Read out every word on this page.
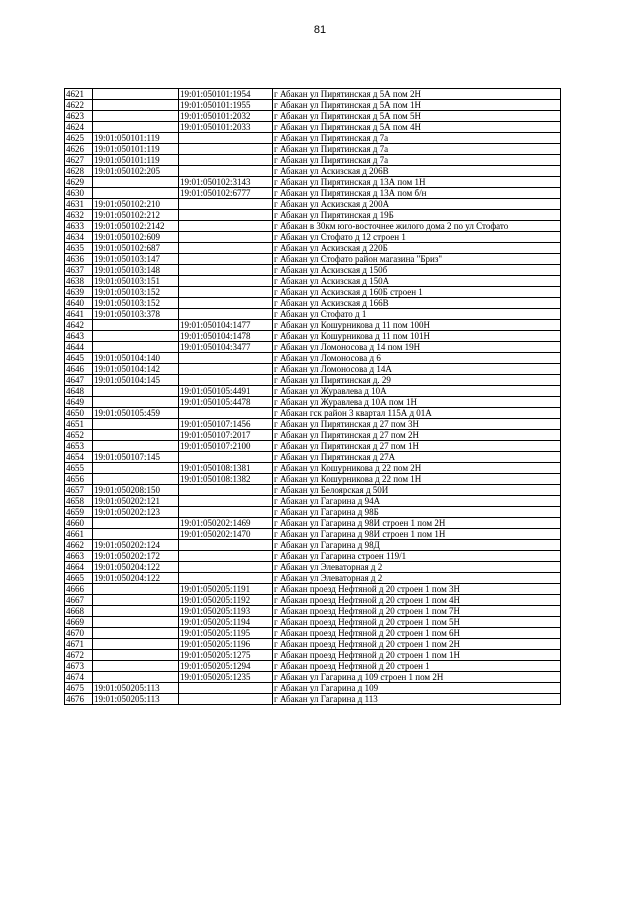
81
4621		19:01:050101:1954	г Абакан ул Пирятинская д 5А пом 2Н
4622		19:01:050101:1955	г Абакан ул Пирятинская д 5А пом 1Н
4623		19:01:050101:2032	г Абакан ул Пирятинская д 5А пом 5Н
4624		19:01:050101:2033	г Абакан ул Пирятинская д 5А пом 4Н
4625	19:01:050101:119		г Абакан ул Пирятинская д 7а
4626	19:01:050101:119		г Абакан ул Пирятинская д 7а
4627	19:01:050101:119		г Абакан ул Пирятинская д 7а
4628	19:01:050102:205		г Абакан ул Аскизская д 206В
4629		19:01:050102:3143	г Абакан ул Пирятинская д 13А пом 1Н
4630		19:01:050102:6777	г Абакан ул Пирятинская д 13А пом б/н
4631	19:01:050102:210		г Абакан ул Аскизская д 200А
4632	19:01:050102:212		г Абакан ул Пирятинская д 19Б
4633	19:01:050102:2142		г Абакан в 30км юго-восточнее жилого дома 2 по ул Стофато
4634	19:01:050102:609		г Абакан ул Стофато д 12 строен 1
4635	19:01:050102:687		г Абакан ул Аскизская д 220Б
4636	19:01:050103:147		г Абакан ул Стофато район магазина "Бриз"
4637	19:01:050103:148		г Абакан ул Аскизская д 150б
4638	19:01:050103:151		г Абакан ул Аскизская д 150А
4639	19:01:050103:152		г Абакан ул Аскизская д 160Б строен 1
4640	19:01:050103:152		г Абакан ул Аскизская д 166В
4641	19:01:050103:378		г Абакан ул Стофато д 1
4642		19:01:050104:1477	г Абакан ул Кошурникова д 11 пом 100Н
4643		19:01:050104:1478	г Абакан ул Кошурникова д 11 пом 101Н
4644		19:01:050104:3477	г Абакан ул Ломоносова д 14 пом 19Н
4645	19:01:050104:140		г Абакан ул Ломоносова д 6
4646	19:01:050104:142		г Абакан ул Ломоносова д 14А
4647	19:01:050104:145		г Абакан ул Пирятинская д. 29
4648		19:01:050105:4491	г Абакан ул Журавлева д 10А
4649		19:01:050105:4478	г Абакан ул Журавлева д 10А пом 1Н
4650	19:01:050105:459		г Абакан гск район 3 квартал 115А д 01А
4651		19:01:050107:1456	г Абакан ул Пирятинская д 27 пом 3Н
4652		19:01:050107:2017	г Абакан ул Пирятинская д 27 пом 2Н
4653		19:01:050107:2100	г Абакан ул Пирятинская д 27 пом 1Н
4654	19:01:050107:145		г Абакан ул Пирятинская д 27А
4655		19:01:050108:1381	г Абакан ул Кошурникова д 22 пом 2Н
4656		19:01:050108:1382	г Абакан ул Кошурникова д 22 пом 1Н
4657	19:01:050208:150		г Абакан ул Белоярская д 50И
4658	19:01:050202:121		г Абакан ул Гагарина д 94А
4659	19:01:050202:123		г Абакан ул Гагарина д 98Б
4660		19:01:050202:1469	г Абакан ул Гагарина д 98И строен 1 пом 2Н
4661		19:01:050202:1470	г Абакан ул Гагарина д 98И строен 1 пом 1Н
4662	19:01:050202:124		г Абакан ул Гагарина д 98Д
4663	19:01:050202:172		г Абакан ул Гагарина строен 119/1
4664	19:01:050204:122		г Абакан ул Элеваторная д 2
4665	19:01:050204:122		г Абакан ул Элеваторная д 2
4666		19:01:050205:1191	г Абакан проезд Нефтяной д 20 строен 1 пом 3Н
4667		19:01:050205:1192	г Абакан проезд Нефтяной д 20 строен 1 пом 4Н
4668		19:01:050205:1193	г Абакан проезд Нефтяной д 20 строен 1 пом 7Н
4669		19:01:050205:1194	г Абакан проезд Нефтяной д 20 строен 1 пом 5Н
4670		19:01:050205:1195	г Абакан проезд Нефтяной д 20 строен 1 пом 6Н
4671		19:01:050205:1196	г Абакан проезд Нефтяной д 20 строен 1 пом 2Н
4672		19:01:050205:1275	г Абакан проезд Нефтяной д 20 строен 1 пом 1Н
4673		19:01:050205:1294	г Абакан проезд Нефтяной д 20 строен 1
4674		19:01:050205:1235	г Абакан ул Гагарина д 109 строен 1 пом 2Н
4675	19:01:050205:113		г Абакан ул Гагарина д 109
4676	19:01:050205:113		г Абакан ул Гагарина д 113
